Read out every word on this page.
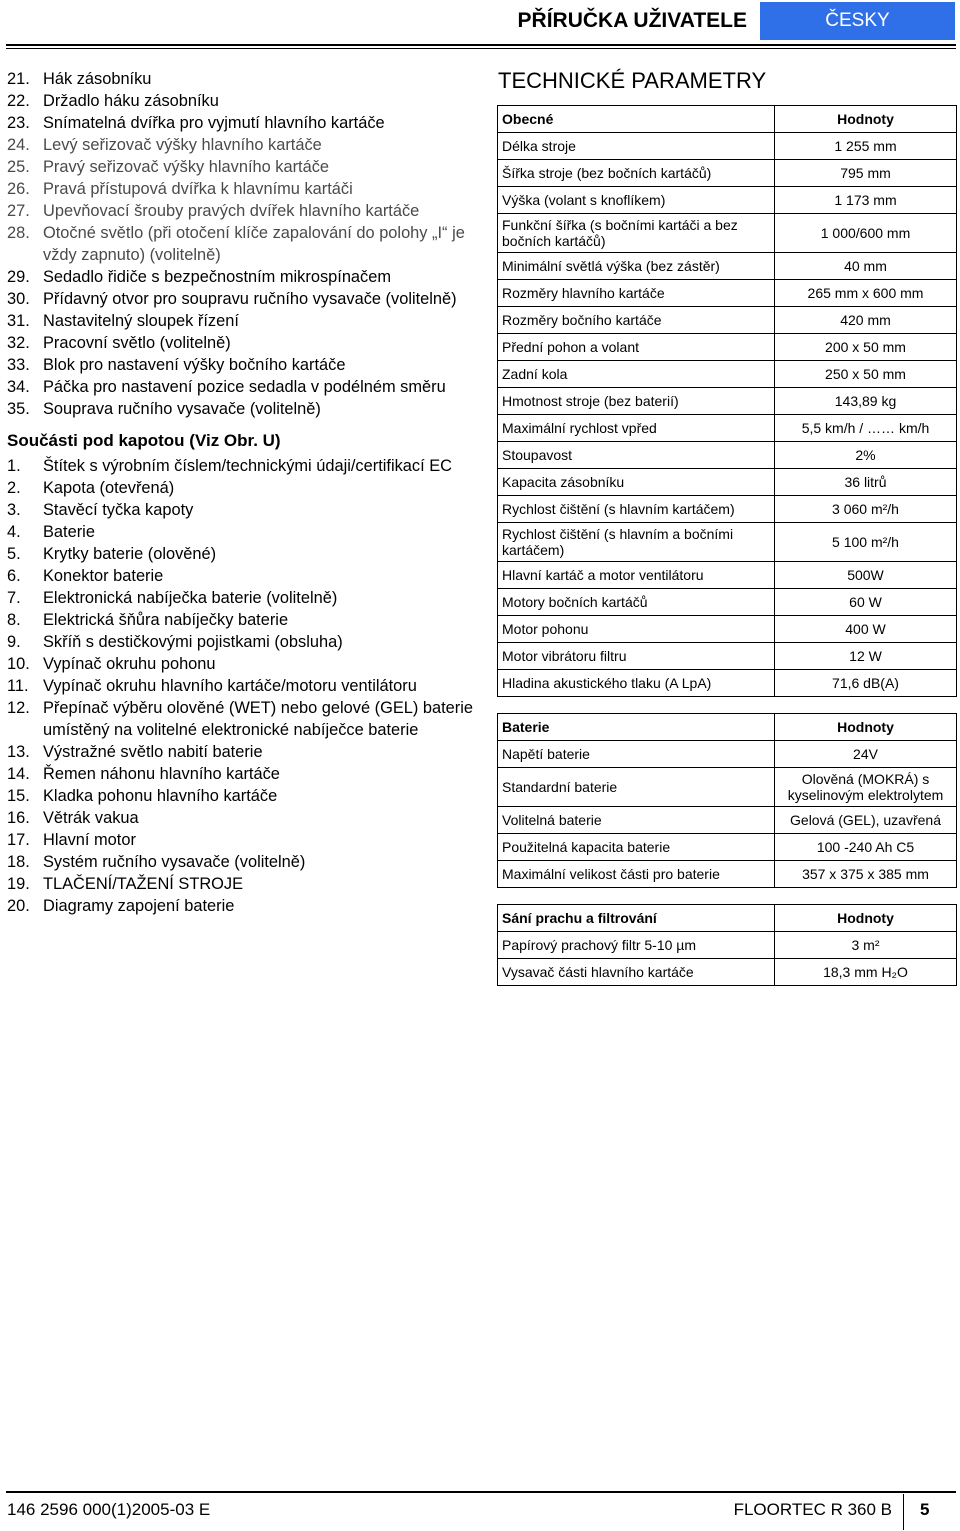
PŘÍRUČKA UŽIVATELE	ČESKY
21. Hák zásobníku
22. Držadlo háku zásobníku
23. Snímatelná dvířka pro vyjmutí hlavního kartáče
24. Levý seřizovač výšky hlavního kartáče
25. Pravý seřizovač výšky hlavního kartáče
26. Pravá přístupová dvířka k hlavnímu kartáči
27. Upevňovací šrouby pravých dvířek hlavního kartáče
28. Otočné světlo (při otočení klíče zapalování do polohy „I“ je vždy zapnuto) (volitelně)
29. Sedadlo řidiče s bezpečnostním mikrospínačem
30. Přídavný otvor pro soupravu ručního vysavače (volitelně)
31. Nastavitelný sloupek řízení
32. Pracovní světlo (volitelně)
33. Blok pro nastavení výšky bočního kartáče
34. Páčka pro nastavení pozice sedadla v podélném směru
35. Souprava ručního vysavače (volitelně)
Součásti pod kapotou (Viz Obr. U)
1. Štítek s výrobním číslem/technickými údaji/certifikací EC
2. Kapota (otevřená)
3. Stavěcí tyčka kapoty
4. Baterie
5. Krytky baterie (olověné)
6. Konektor baterie
7. Elektronická nabíječka baterie (volitelně)
8. Elektrická šňůra nabíječky baterie
9. Skříň s destičkovými pojistkami (obsluha)
10. Vypínač okruhu pohonu
11. Vypínač okruhu hlavního kartáče/motoru ventilátoru
12. Přepínač výběru olověné (WET) nebo gelové (GEL) baterie umístěný na volitelné elektronické nabíječce baterie
13. Výstražné světlo nabití baterie
14. Řemen náhonu hlavního kartáče
15. Kladka pohonu hlavního kartáče
16. Větrák vakua
17. Hlavní motor
18. Systém ručního vysavače (volitelně)
19. TLAČENÍ/TAŽENÍ STROJE
20. Diagramy zapojení baterie
TECHNICKÉ PARAMETRY
Obecné	Hodnoty
Délka stroje	1 255 mm
Šířka stroje (bez bočních kartáčů)	795 mm
Výška (volant s knoflíkem)	1 173 mm
Funkční šířka (s bočními kartáči a bez bočních kartáčů)	1 000/600 mm
Minimální světlá výška (bez zástěr)	40 mm
Rozměry hlavního kartáče	265 mm x 600 mm
Rozměry bočního kartáče	420 mm
Přední pohon a volant	200 x 50 mm
Zadní kola	250 x 50 mm
Hmotnost stroje (bez baterií)	143,89 kg
Maximální rychlost vpřed	5,5 km/h / …… km/h
Stoupavost	2%
Kapacita zásobníku	36 litrů
Rychlost čištění (s hlavním kartáčem)	3 060 m²/h
Rychlost čištění (s hlavním a bočními kartáčem)	5 100 m²/h
Hlavní kartáč a motor ventilátoru	500W
Motory bočních kartáčů	60 W
Motor pohonu	400 W
Motor vibrátoru filtru	12 W
Hladina akustického tlaku (A LpA)	71,6 dB(A)
Baterie	Hodnoty
Napětí baterie	24V
Standardní baterie	Olověná (MOKRÁ) s kyselinovým elektrolytem
Volitelná baterie	Gelová (GEL), uzavřená
Použitelná kapacita baterie	100 -240 Ah C5
Maximální velikost části pro baterie	357 x 375 x 385 mm
Sání prachu a filtrování	Hodnoty
Papírový prachový filtr 5-10 µm	3 m²
Vysavač části hlavního kartáče	18,3 mm H₂O
146 2596 000(1)2005-03 E	FLOORTEC R 360 B 5
